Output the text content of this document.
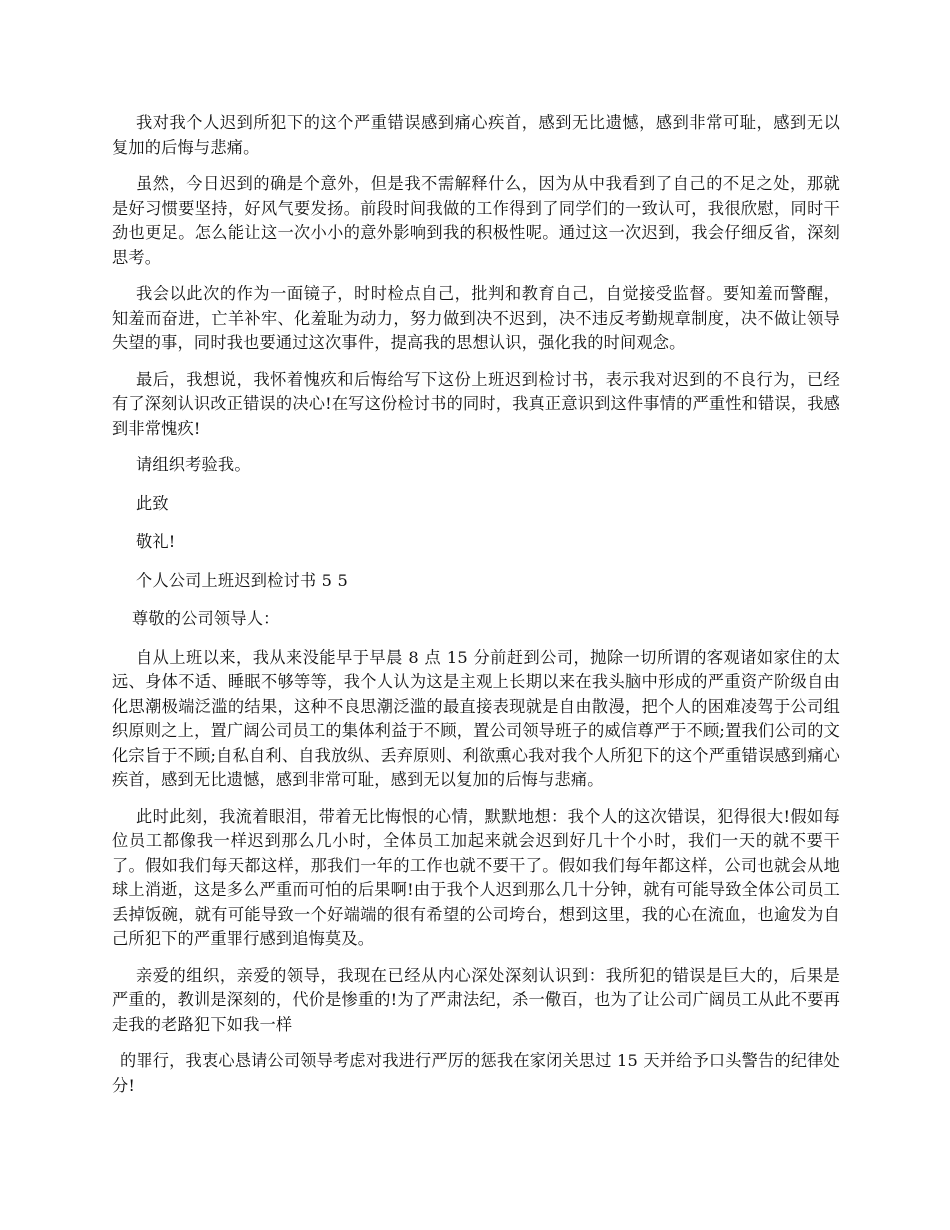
我对我个人迟到所犯下的这个严重错误感到痛心疾首，感到无比遗憾，感到非常可耻，感到无以复加的后悔与悲痛。

虽然，今日迟到的确是个意外，但是我不需解释什么，因为从中我看到了自己的不足之处，那就是好习惯要坚持，好风气要发扬。前段时间我做的工作得到了同学们的一致认可，我很欣慰，同时干劲也更足。怎么能让这一次小小的意外影响到我的积极性呢。通过这一次迟到，我会仔细反省，深刻思考。

我会以此次的作为一面镜子，时时检点自己，批判和教育自己，自觉接受监督。要知羞而警醒，知羞而奋进，亡羊补牢、化羞耻为动力，努力做到决不迟到，决不违反考勤规章制度，决不做让领导失望的事，同时我也要通过这次事件，提高我的思想认识，强化我的时间观念。

最后，我想说，我怀着愧疚和后悔给写下这份上班迟到检讨书，表示我对迟到的不良行为，已经有了深刻认识改正错误的决心!在写这份检讨书的同时，我真正意识到这件事情的严重性和错误，我感到非常愧疚!

请组织考验我。

此致

敬礼!

个人公司上班迟到检讨书 5 5

尊敬的公司领导人：

自从上班以来，我从来没能早于早晨 8 点 15 分前赶到公司，抛除一切所谓的客观诸如家住的太远、身体不适、睡眠不够等等，我个人认为这是主观上长期以来在我头脑中形成的严重资产阶级自由化思潮极端泛滥的结果，这种不良思潮泛滥的最直接表现就是自由散漫，把个人的困难凌驾于公司组织原则之上，置广阔公司员工的集体利益于不顾，置公司领导班子的威信尊严于不顾;置我们公司的文化宗旨于不顾;自私自利、自我放纵、丢弃原则、利欲熏心我对我个人所犯下的这个严重错误感到痛心疾首，感到无比遗憾，感到非常可耻，感到无以复加的后悔与悲痛。

此时此刻，我流着眼泪，带着无比悔恨的心情，默默地想：我个人的这次错误，犯得很大!假如每位员工都像我一样迟到那么几小时，全体员工加起来就会迟到好几十个小时，我们一天的就不要干了。假如我们每天都这样，那我们一年的工作也就不要干了。假如我们每年都这样，公司也就会从地球上消逝，这是多么严重而可怕的后果啊!由于我个人迟到那么几十分钟，就有可能导致全体公司员工丢掉饭碗，就有可能导致一个好端端的很有希望的公司垮台，想到这里，我的心在流血，也逾发为自己所犯下的严重罪行感到追悔莫及。

亲爱的组织，亲爱的领导，我现在已经从内心深处深刻认识到：我所犯的错误是巨大的，后果是严重的，教训是深刻的，代价是惨重的!为了严肃法纪，杀一儆百，也为了让公司广阔员工从此不要再走我的老路犯下如我一样

的罪行，我衷心恳请公司领导考虑对我进行严厉的惩我在家闭关思过 15 天并给予口头警告的纪律处分!
